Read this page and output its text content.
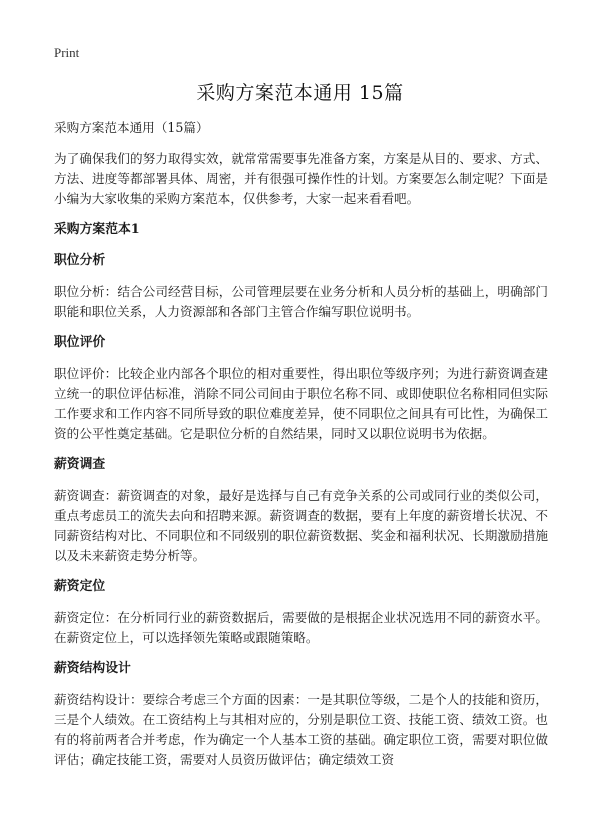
Print
采购方案范本通用 15篇
采购方案范本通用（15篇）

为了确保我们的努力取得实效，就常常需要事先准备方案，方案是从目的、要求、方式、方法、进度等都部署具体、周密，并有很强可操作性的计划。方案要怎么制定呢？下面是小编为大家收集的采购方案范本，仅供参考，大家一起来看看吧。

采购方案范本1
职位分析

职位分析：结合公司经营目标，公司管理层要在业务分析和人员分析的基础上，明确部门职能和职位关系，人力资源部和各部门主管合作编写职位说明书。

职位评价

职位评价：比较企业内部各个职位的相对重要性，得出职位等级序列；为进行薪资调查建立统一的职位评估标准，消除不同公司间由于职位名称不同、或即使职位名称相同但实际工作要求和工作内容不同所导致的职位难度差异，使不同职位之间具有可比性，为确保工资的公平性奠定基础。它是职位分析的自然结果，同时又以职位说明书为依据。

薪资调查

薪资调查：薪资调查的对象，最好是选择与自己有竞争关系的公司或同行业的类似公司，重点考虑员工的流失去向和招聘来源。薪资调查的数据，要有上年度的薪资增长状况、不同薪资结构对比、不同职位和不同级别的职位薪资数据、奖金和福利状况、长期激励措施以及未来薪资走势分析等。

薪资定位

薪资定位：在分析同行业的薪资数据后，需要做的是根据企业状况选用不同的薪资水平。在薪资定位上，可以选择领先策略或跟随策略。

薪资结构设计

薪资结构设计：要综合考虑三个方面的因素：一是其职位等级，二是个人的技能和资历，三是个人绩效。在工资结构上与其相对应的，分别是职位工资、技能工资、绩效工资。也有的将前两者合并考虑，作为确定一个人基本工资的基础。确定职位工资，需要对职位做评估；确定技能工资，需要对人员资历做评估；确定绩效工资
